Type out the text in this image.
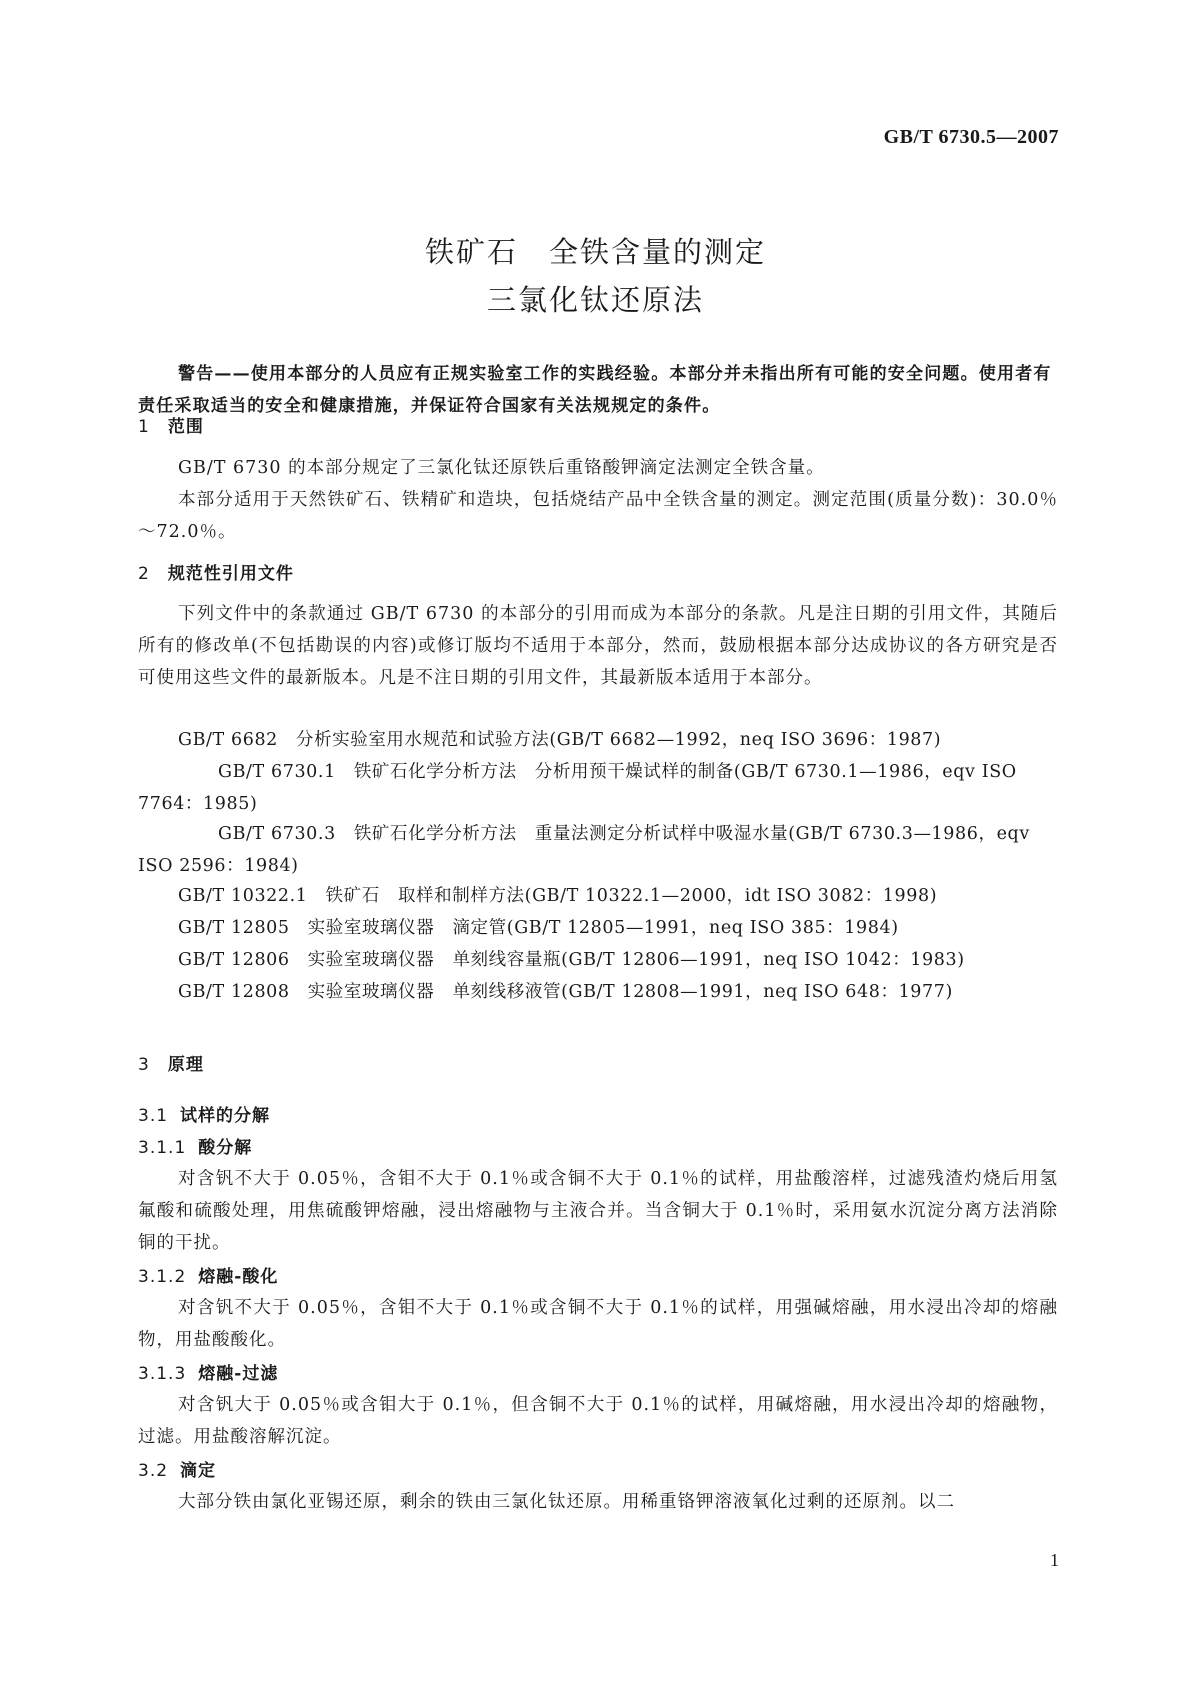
GB/T 6730.5—2007
铁矿石　全铁含量的测定
三氯化钛还原法

警告——使用本部分的人员应有正规实验室工作的实践经验。本部分并未指出所有可能的安全问题。使用者有责任采取适当的安全和健康措施，并保证符合国家有关法规规定的条件。

1 范围

GB/T 6730 的本部分规定了三氯化钛还原铁后重铬酸钾滴定法测定全铁含量。

本部分适用于天然铁矿石、铁精矿和造块，包括烧结产品中全铁含量的测定。测定范围(质量分数)：30.0％～72.0％。

2 规范性引用文件

下列文件中的条款通过 GB/T 6730 的本部分的引用而成为本部分的条款。凡是注日期的引用文件，其随后所有的修改单(不包括勘误的内容)或修订版均不适用于本部分，然而，鼓励根据本部分达成协议的各方研究是否可使用这些文件的最新版本。凡是不注日期的引用文件，其最新版本适用于本部分。

GB/T 6682 分析实验室用水规范和试验方法(GB/T 6682—1992，neq ISO 3696：1987)

GB/T 6730.1 铁矿石化学分析方法　分析用预干燥试样的制备(GB/T 6730.1—1986，eqv ISO 7764：1985)

GB/T 6730.3 铁矿石化学分析方法　重量法测定分析试样中吸湿水量(GB/T 6730.3—1986，eqv ISO 2596：1984)

GB/T 10322.1 铁矿石　取样和制样方法(GB/T 10322.1—2000，idt ISO 3082：1998)

GB/T 12805 实验室玻璃仪器　滴定管(GB/T 12805—1991，neq ISO 385：1984)

GB/T 12806 实验室玻璃仪器　单刻线容量瓶(GB/T 12806—1991，neq ISO 1042：1983)

GB/T 12808 实验室玻璃仪器　单刻线移液管(GB/T 12808—1991，neq ISO 648：1977)

3 原理
3.1 试样的分解
3.1.1 酸分解

对含钒不大于 0.05％，含钼不大于 0.1％或含铜不大于 0.1％的试样，用盐酸溶样，过滤残渣灼烧后用氢氟酸和硫酸处理，用焦硫酸钾熔融，浸出熔融物与主液合并。当含铜大于 0.1％时，采用氨水沉淀分离方法消除铜的干扰。

3.1.2 熔融-酸化

对含钒不大于 0.05％，含钼不大于 0.1％或含铜不大于 0.1％的试样，用强碱熔融，用水浸出冷却的熔融物，用盐酸酸化。

3.1.3 熔融-过滤

对含钒大于 0.05％或含钼大于 0.1％，但含铜不大于 0.1％的试样，用碱熔融，用水浸出冷却的熔融物，过滤。用盐酸溶解沉淀。

3.2 滴定

大部分铁由氯化亚锡还原，剩余的铁由三氯化钛还原。用稀重铬钾溶液氧化过剩的还原剂。以二

1
